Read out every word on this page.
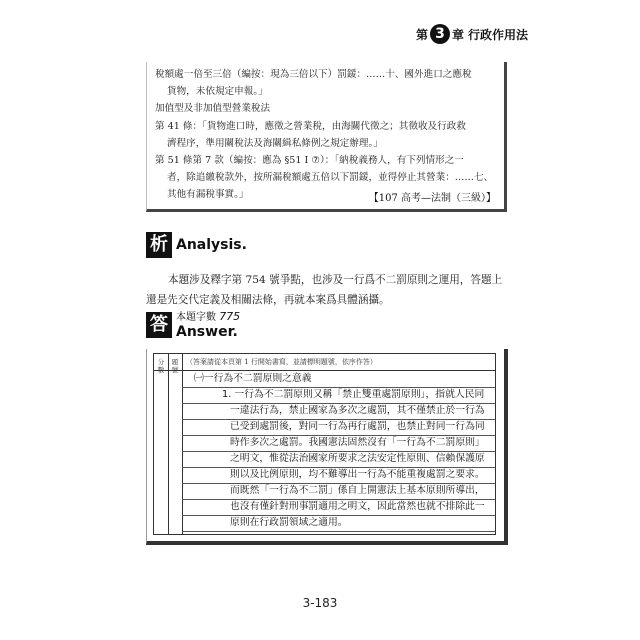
第 3 章 行政作用法

稅額處一倍至三倍（編按：現為三倍以下）罰鍰：……十、國外進口之應稅

貨物，未依規定申報。」

加值型及非加值型營業稅法

第 41 條：「貨物進口時，應徵之營業稅，由海關代徵之；其徵收及行政救

濟程序，準用關稅法及海關緝私條例之規定辦理。」

第 51 條第 7 款（編按：應為 §51 Ⅰ ⑦）：「納稅義務人，有下列情形之一

者，除追繳稅款外，按所漏稅額處五倍以下罰鍰，並得停止其營業：……七、

其他有漏稅事實。」	【107 高考—法制（三級）】
析 Analysis.

本題涉及釋字第 754 號爭點，也涉及一行爲不二罰原則之運用，答題上

還是先交代定義及相關法條，再就本案爲具體涵攝。

答 本題字數 775
Answer.
分數
題號
（答案請從本頁第 1 行開始書寫，並請標明題號，依序作答）
㈠一行為不二罰原則之意義
1. 一行為不二罰原則又稱「禁止雙重處罰原則」，指就人民同
一違法行為，禁止國家為多次之處罰，其不僅禁止於一行為
已受到處罰後，對同一行為再行處罰，也禁止對同一行為同
時作多次之處罰。我國憲法固然沒有「一行為不二罰原則」
之明文，惟從法治國家所要求之法安定性原則、信賴保護原
則以及比例原則，均不難導出一行為不能重複處罰之要求。
而既然「一行為不二罰」係自上開憲法上基本原則所導出，
也沒有僅針對刑事罰適用之明文，因此當然也就不排除此一
原則在行政罰領域之適用。
3-183
